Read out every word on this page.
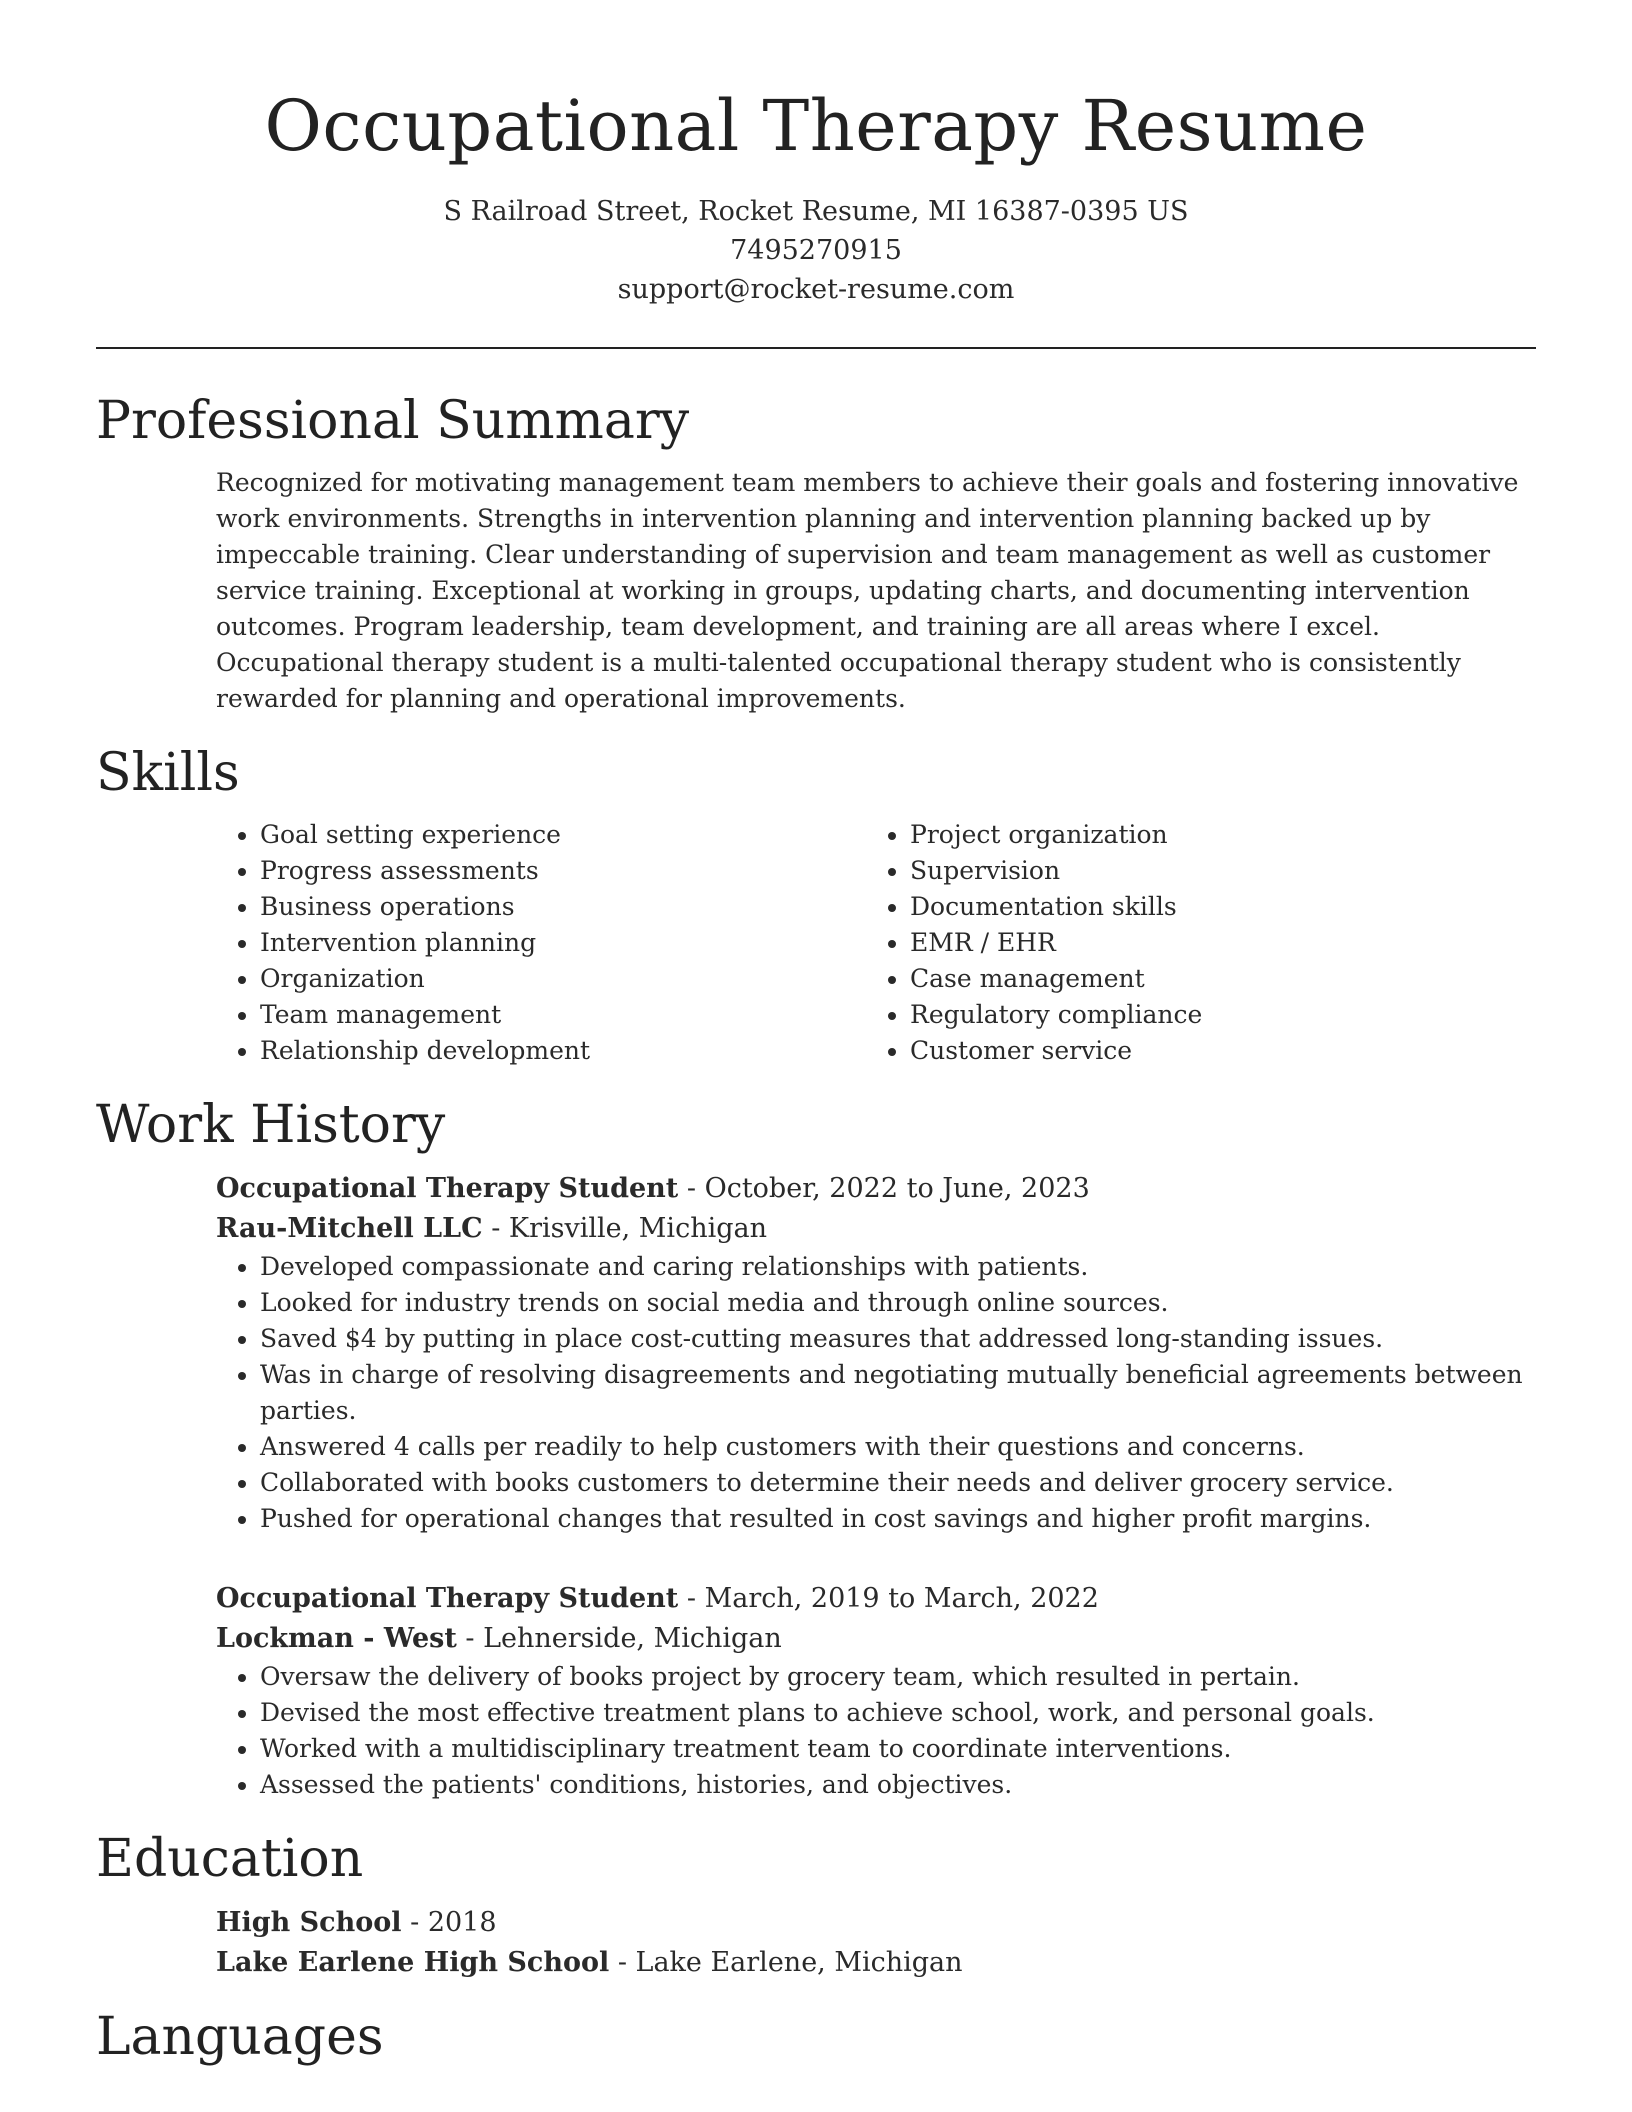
Occupational Therapy Resume
S Railroad Street, Rocket Resume, MI 16387-0395 US
7495270915
support@rocket-resume.com
Professional Summary
Recognized for motivating management team members to achieve their goals and fostering innovative work environments. Strengths in intervention planning and intervention planning backed up by impeccable training. Clear understanding of supervision and team management as well as customer service training. Exceptional at working in groups, updating charts, and documenting intervention outcomes. Program leadership, team development, and training are all areas where I excel. Occupational therapy student is a multi-talented occupational therapy student who is consistently rewarded for planning and operational improvements.
Skills
• Goal setting experience
• Progress assessments
• Business operations
• Intervention planning
• Organization
• Team management
• Relationship development
• Project organization
• Supervision
• Documentation skills
• EMR / EHR
• Case management
• Regulatory compliance
• Customer service
Work History
Occupational Therapy Student - October, 2022 to June, 2023
Rau-Mitchell LLC - Krisville, Michigan
• Developed compassionate and caring relationships with patients.
• Looked for industry trends on social media and through online sources.
• Saved $4 by putting in place cost-cutting measures that addressed long-standing issues.
• Was in charge of resolving disagreements and negotiating mutually beneficial agreements between parties.
• Answered 4 calls per readily to help customers with their questions and concerns.
• Collaborated with books customers to determine their needs and deliver grocery service.
• Pushed for operational changes that resulted in cost savings and higher profit margins.
Occupational Therapy Student - March, 2019 to March, 2022
Lockman - West - Lehnerside, Michigan
• Oversaw the delivery of books project by grocery team, which resulted in pertain.
• Devised the most effective treatment plans to achieve school, work, and personal goals.
• Worked with a multidisciplinary treatment team to coordinate interventions.
• Assessed the patients' conditions, histories, and objectives.
Education
High School - 2018
Lake Earlene High School - Lake Earlene, Michigan
Languages
